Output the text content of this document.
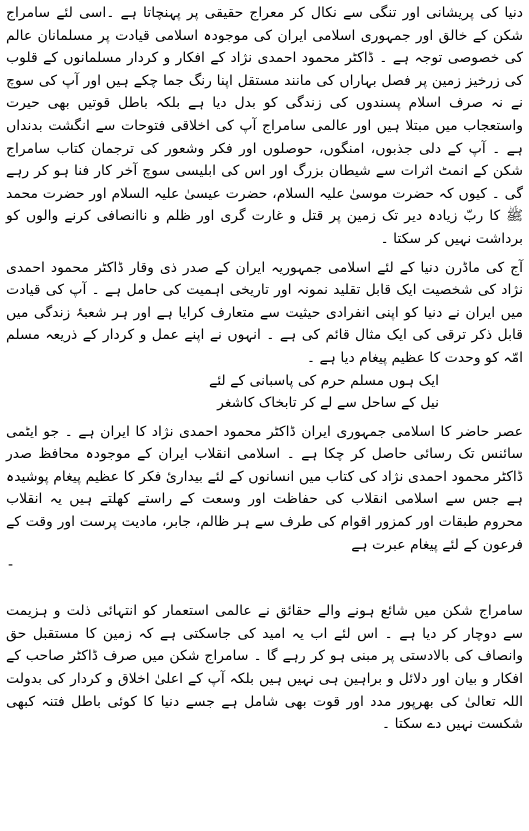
دنیا کی پریشانی اور تنگی سے نکال کر معراج حقیقی پر پہنچاتا ہے ۔اسی لئے سامراج شکن کے خالق اور جمہوری اسلامی ایران کی موجودہ اسلامی قیادت پر مسلمانان عالم کی خصوصی توجہ ہے ۔ ڈاکٹر محمود احمدی نژاد کے افکار و کردار مسلمانوں کے قلوب کی زرخیز زمین پر فصل بہاراں کی مانند مستقل اپنا رنگ جما چکے ہیں اور آپ کی سوچ نے نہ صرف اسلام پسندوں کی زندگی کو بدل دیا ہے بلکہ باطل قوتیں بھی حیرت واستعجاب میں مبتلا ہیں اور عالمی سامراج آپ کی اخلاقی فتوحات سے انگشت بدنداں ہے ۔ آپ کے دلی جذبوں، امنگوں، حوصلوں اور فکر وشعور کی ترجمان کتاب سامراج شکن کے انمٹ اثرات سے شیطان بزرگ اور اس کی ابلیسی سوچ آخر کار فنا ہو کر رہے گی ۔ کیوں کہ حضرت موسیٰ علیہ السلام، حضرت عیسیٰ علیہ السلام اور حضرت محمد ﷺ کا ربّ زیادہ دیر تک زمین پر قتل و غارت گری اور ظلم و ناانصافی کرنے والوں کو برداشت نہیں کر سکتا ۔

آج کی ماڈرن دنیا کے لئے اسلامی جمہوریہ ایران کے صدر ذی وقار ڈاکٹر محمود احمدی نژاد کی شخصیت ایک قابل تقلید نمونہ اور تاریخی اہمیت کی حامل ہے ۔ آپ کی قیادت میں ایران نے دنیا کو اپنی انفرادی حیثیت سے متعارف کرایا ہے اور ہر شعبۂ زندگی میں قابل ذکر ترقی کی ایک مثال قائم کی ہے ۔ انہوں نے اپنے عمل و کردار کے ذریعہ مسلم امّہ کو وحدت کا عظیم پیغام دیا ہے ۔

ایک ہوں مسلم حرم کی پاسبانی کے لئے

نیل کے ساحل سے لے کر تابخاک کاشغر

عصر حاضر کا اسلامی جمہوری ایران ڈاکٹر محمود احمدی نژاد کا ایران ہے ۔ جو ایٹمی سائنس تک رسائی حاصل کر چکا ہے ۔ اسلامی انقلاب ایران کے موجودہ محافظ صدر ڈاکٹر محمود احمدی نژاد کی کتاب میں انسانوں کے لئے بیداریٔ فکر کا عظیم پیغام پوشیدہ ہے جس سے اسلامی انقلاب کی حفاظت اور وسعت کے راستے کھلتے ہیں یہ انقلاب محروم طبقات اور کمزور اقوام کی طرف سے ہر ظالم، جابر، مادیت پرست اور وقت کے فرعون کے لئے پیغام عبرت ہے

-

سامراج شکن میں شائع ہونے والے حقائق نے عالمی استعمار کو انتہائی ذلت و ہزیمت سے دوچار کر دیا ہے ۔ اس لئے اب یہ امید کی جاسکتی ہے کہ زمین کا مستقبل حق وانصاف کی بالادستی پر مبنی ہو کر رہے گا ۔ سامراج شکن میں صرف ڈاکٹر صاحب کے افکار و بیان اور دلائل و براہین ہی نہیں ہیں بلکہ آپ کے اعلیٰ اخلاق و کردار کی بدولت اللہ تعالیٰ کی بھرپور مدد اور قوت بھی شامل ہے جسے دنیا کا کوئی باطل فتنہ کبھی شکست نہیں دے سکتا ۔
